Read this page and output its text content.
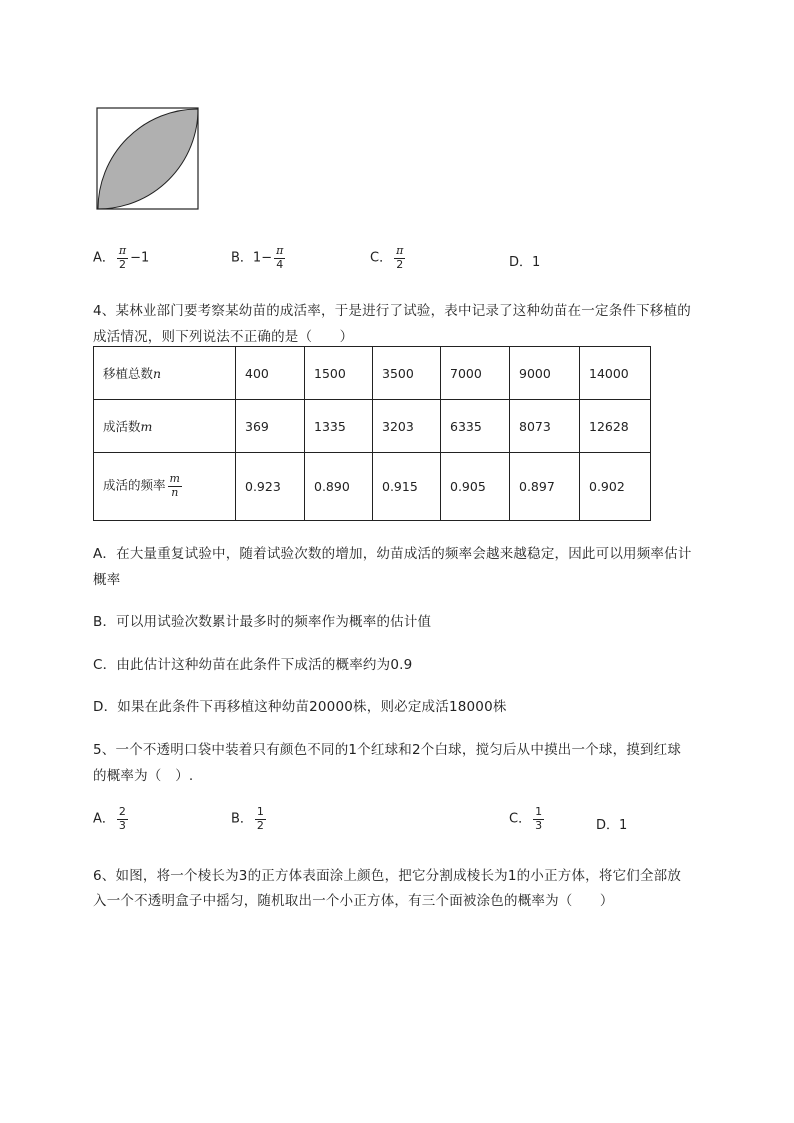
A． $\frac{\pi}{2} -1$	B．$1- \frac{\pi}{4}$	C． $\frac{\pi}{2}$	D．1
4、某林业部门要考察某幼苗的成活率，于是进行了试验，表中记录了这种幼苗在一定条件下移植的
成活情况，则下列说法不正确的是（　　）
移植总数n	400	1500	3500	7000	9000	14000
成活数m	369	1335	3203	6335	8073	12628
成活的频率 $\frac{m}{n}$	0.923	0.890	0.915	0.905	0.897	0.902
A．在大量重复试验中，随着试验次数的增加，幼苗成活的频率会越来越稳定，因此可以用频率估计
概率
B．可以用试验次数累计最多时的频率作为概率的估计值
C．由此估计这种幼苗在此条件下成活的概率约为0.9
D．如果在此条件下再移植这种幼苗20000株，则必定成活18000株
5、一个不透明口袋中装着只有颜色不同的1个红球和2个白球，搅匀后从中摸出一个球，摸到红球
的概率为（　）.
A． $\frac{2}{3}$	B． $\frac{1}{2}$	C． $\frac{1}{3}$	D．1
6、如图，将一个棱长为3的正方体表面涂上颜色，把它分割成棱长为1的小正方体，将它们全部放
入一个不透明盒子中摇匀，随机取出一个小正方体，有三个面被涂色的概率为（　　）
